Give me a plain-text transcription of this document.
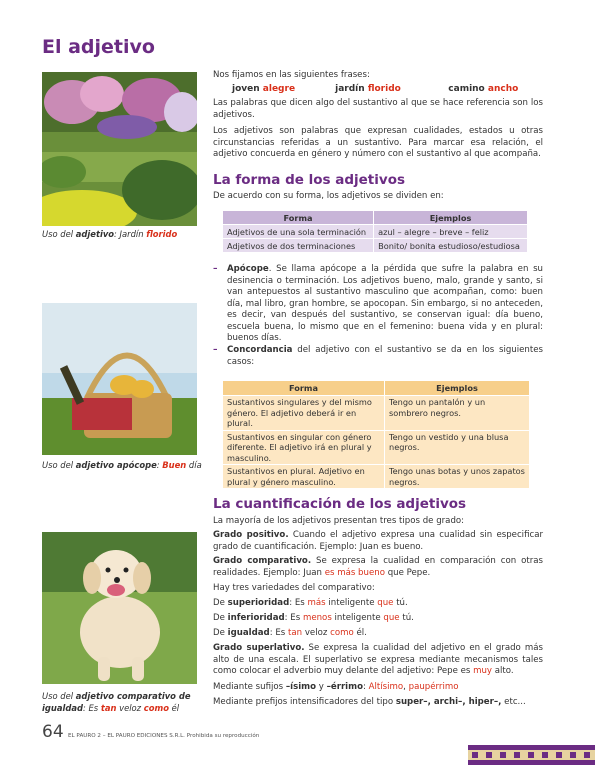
El adjetivo
Uso del adjetivo: Jardín florido
Uso del adjetivo apócope: Buen día
Uso del adjetivo comparativo de igualdad: Es tan veloz como él
Nos fijamos en las siguientes frases:
joven alegre	jardín florido	camino ancho
Las palabras que dicen algo del sustantivo al que se hace referencia son los adjetivos.
Los adjetivos son palabras que expresan cualidades, estados u otras circunstancias referidas a un sustantivo. Para marcar esa relación, el adjetivo concuerda en género y número con el sustantivo al que acompaña.
La forma de los adjetivos
De acuerdo con su forma, los adjetivos se dividen en:
Forma	Ejemplos
Adjetivos de una sola terminación	azul – alegre – breve – feliz
Adjetivos de dos terminaciones	Bonito/ bonita estudioso/estudiosa
– Apócope. Se llama apócope a la pérdida que sufre la palabra en su desinencia o terminación. Los adjetivos bueno, malo, grande y santo, si van antepuestos al sustantivo masculino que acompañan, como: buen día, mal libro, gran hombre, se apocopan. Sin embargo, si no anteceden, es decir, van después del sustantivo, se conservan igual: día bueno, escuela buena, lo mismo que en el femenino: buena vida y en plural: buenos días.
– Concordancia del adjetivo con el sustantivo se da en los siguientes casos:
Forma	Ejemplos
Sustantivos singulares y del mismo género. El adjetivo deberá ir en plural.	Tengo un pantalón y un sombrero negros.
Sustantivos en singular con género diferente. El adjetivo irá en plural y masculino.	Tengo un vestido y una blusa negros.
Sustantivos en plural. Adjetivo en plural y género masculino.	Tengo unas botas y unos zapatos negros.
La cuantificación de los adjetivos
La mayoría de los adjetivos presentan tres tipos de grado:
Grado positivo. Cuando el adjetivo expresa una cualidad sin especificar grado de cuantificación. Ejemplo: Juan es bueno.
Grado comparativo. Se expresa la cualidad en comparación con otras realidades. Ejemplo: Juan es más bueno que Pepe.
Hay tres variedades del comparativo:
De superioridad: Es más inteligente que tú.
De inferioridad: Es menos inteligente que tú.
De igualdad: Es tan veloz como él.
Grado superlativo. Se expresa la cualidad del adjetivo en el grado más alto de una escala. El superlativo se expresa mediante mecanismos tales como colocar el adverbio muy delante del adjetivo: Pepe es muy alto.
Mediante sufijos –ísimo y –érrimo: Altísimo, paupérrimo
Mediante prefijos intensificadores del tipo super–, archi–, hiper–, etc...
64 EL PAURO 2 – EL PAURO EDICIONES S.R.L. Prohibida su reproducción
